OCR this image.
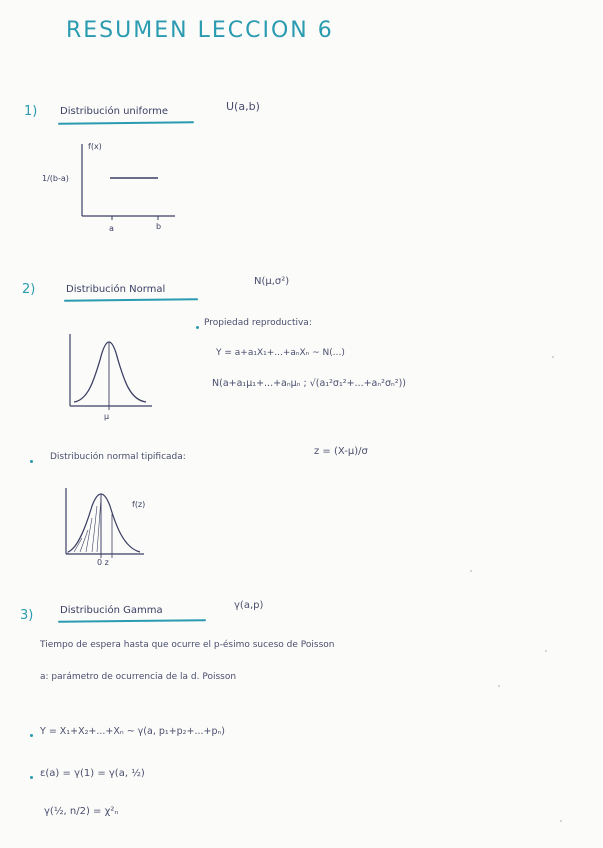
RESUMEN LECCION 6
1) Distribución uniforme	U(a,b)
f(x)
1/(b-a)
a	b
2)	Distribución Normal
N(μ,σ²)
μ
Propiedad reproductiva:
Y = a+a₁X₁+...+aₙXₙ ~ N(...)
N(a+a₁μ₁+...+aₙμₙ ; √(a₁²σ₁²+...+aₙ²σₙ²))
Distribución normal tipificada:	z = (X-μ)/σ
f(z)
0 z
3)	Distribución Gamma	γ(a,p)
Tiempo de espera hasta que ocurre el p-ésimo suceso de Poisson
a: parámetro de ocurrencia de la d. Poisson
Y = X₁+X₂+...+Xₙ ~ γ(a, p₁+p₂+...+pₙ)
ε(a) = γ(1) = γ(a, ½)
γ(½, n/2) = χ²ₙ
